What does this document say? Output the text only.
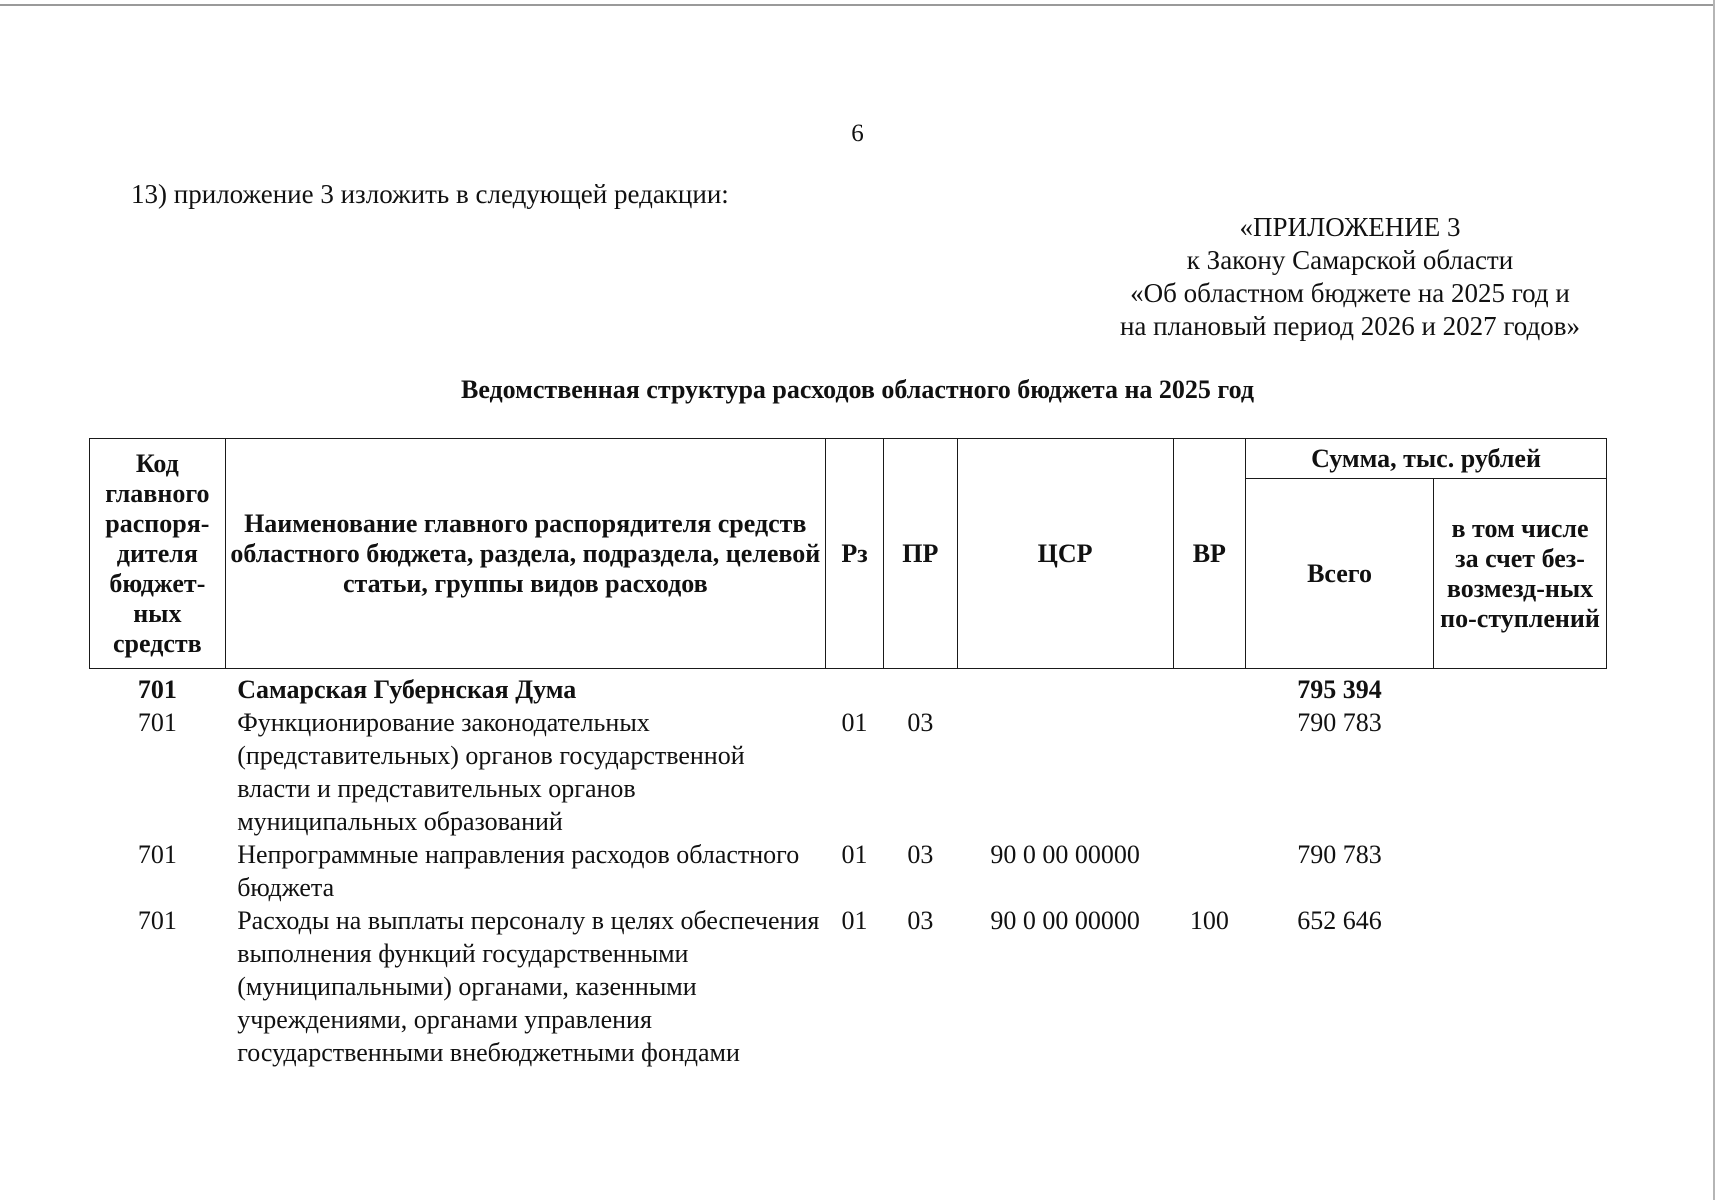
6
13) приложение 3 изложить в следующей редакции:
«ПРИЛОЖЕНИЕ 3
к Закону Самарской области
«Об областном бюджете на 2025 год и
на плановый период 2026 и 2027 годов»
Ведомственная структура расходов областного бюджета на 2025 год
Код главного распоря-дителя бюджет-ных средств	Наименование главного распорядителя средств областного бюджета, раздела, подраздела, целевой статьи, группы видов расходов	Рз	ПР	ЦСР	ВР	Сумма, тыс. рублей	
						Всего	в том числе за счет без-возмезд-ных по-ступлений
701	Самарская Губернская Дума					795 394	
701	Функционирование законодательных (представительных) органов государственной власти и представительных органов муниципальных образований	01	03			790 783	
701	Непрограммные направления расходов областного бюджета	01	03	90 0 00 00000		790 783	
701	Расходы на выплаты персоналу в целях обеспечения выполнения функций государственными (муниципальными) органами, казенными учреждениями, органами управления государственными внебюджетными фондами	01	03	90 0 00 00000	100	652 646	
